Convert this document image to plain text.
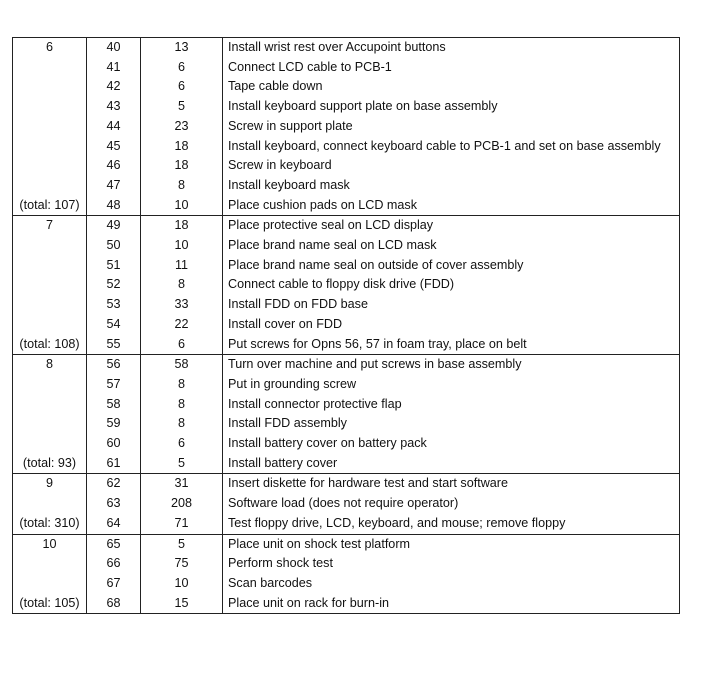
6	40	13	Install wrist rest over Accupoint buttons
	41	6	Connect LCD cable to PCB-1
	42	6	Tape cable down
	43	5	Install keyboard support plate on base assembly
	44	23	Screw in support plate
	45	18	Install keyboard, connect keyboard cable to PCB-1 and set on base assembly
	46	18	Screw in keyboard
	47	8	Install keyboard mask
(total: 107)	48	10	Place cushion pads on LCD mask
7	49	18	Place protective seal on LCD display
	50	10	Place brand name seal on LCD mask
	51	11	Place brand name seal on outside of cover assembly
	52	8	Connect cable to floppy disk drive (FDD)
	53	33	Install FDD on FDD base
	54	22	Install cover on FDD
(total: 108)	55	6	Put screws for Opns 56, 57 in foam tray, place on belt
8	56	58	Turn over machine and put screws in base assembly
	57	8	Put in grounding screw
	58	8	Install connector protective flap
	59	8	Install FDD assembly
	60	6	Install battery cover on battery pack
(total: 93)	61	5	Install battery cover
9	62	31	Insert diskette for hardware test and start software
	63	208	Software load (does not require operator)
(total: 310)	64	71	Test floppy drive, LCD, keyboard, and mouse; remove floppy
10	65	5	Place unit on shock test platform
	66	75	Perform shock test
	67	10	Scan barcodes
(total: 105)	68	15	Place unit on rack for burn-in
